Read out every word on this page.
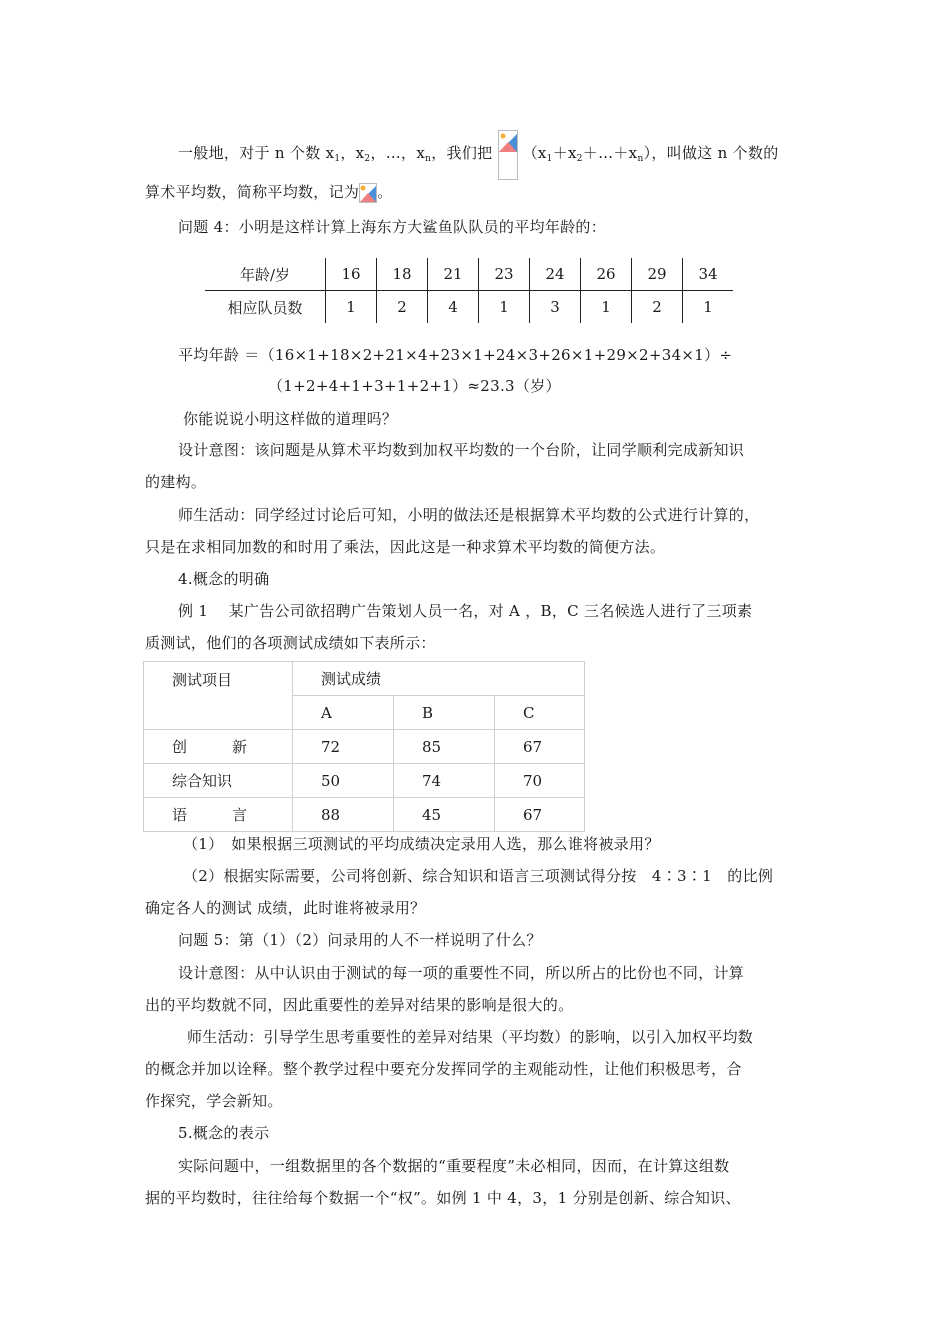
一般地，对于 n 个数 $x_1$，$x_2$，…，$x_n$，我们把 $(x_1+x_2+\dots+x_n)$，叫做这 n 个数的
算术平均数，简称平均数，记为 。
问题 4：小明是这样计算上海东方大鲨鱼队队员的平均年龄的：
年龄/岁	16	18	21	23	24	26	29	34
相应队员数	1	2	4	1	3	1	2	1
平均年龄 ＝（16×1+18×2+21×4+23×1+24×3+26×1+29×2+34×1）÷
（1+2+4+1+3+1+2+1）≈23.3（岁）
你能说说小明这样做的道理吗？
设计意图：该问题是从算术平均数到加权平均数的一个台阶，让同学顺利完成新知识
的建构。
师生活动：同学经过讨论后可知，小明的做法还是根据算术平均数的公式进行计算的，
只是在求相同加数的和时用了乘法，因此这是一种求算术平均数的简便方法。
4.概念的明确
例 1　 某广告公司欲招聘广告策划人员一名，对 A ，B，C 三名候选人进行了三项素
质测试，他们的各项测试成绩如下表所示：
测试项目	测试成绩		
	A	B	C
创　　　新	72	85	67
综合知识	50	74	70
语　　　言	88	45	67
（1）　如果根据三项测试的平均成绩决定录用人选，那么谁将被录用？
（2）根据实际需要，公司将创新、综合知识和语言三项测试得分按　4∶3∶1　的比例
确定各人的测试 成绩，此时谁将被录用？
问题 5：第（1）（2）问录用的人不一样说明了什么？
设计意图：从中认识由于测试的每一项的重要性不同，所以所占的比份也不同，计算
出的平均数就不同，因此重要性的差异对结果的影响是很大的。
师生活动：引导学生思考重要性的差异对结果（平均数）的影响，以引入加权平均数
的概念并加以诠释。整个教学过程中要充分发挥同学的主观能动性，让他们积极思考，合
作探究，学会新知。
5.概念的表示
实际问题中，一组数据里的各个数据的“重要程度”未必相同，因而，在计算这组数
据的平均数时，往往给每个数据一个“权”。如例 1 中 4，3，1 分别是创新、综合知识、
